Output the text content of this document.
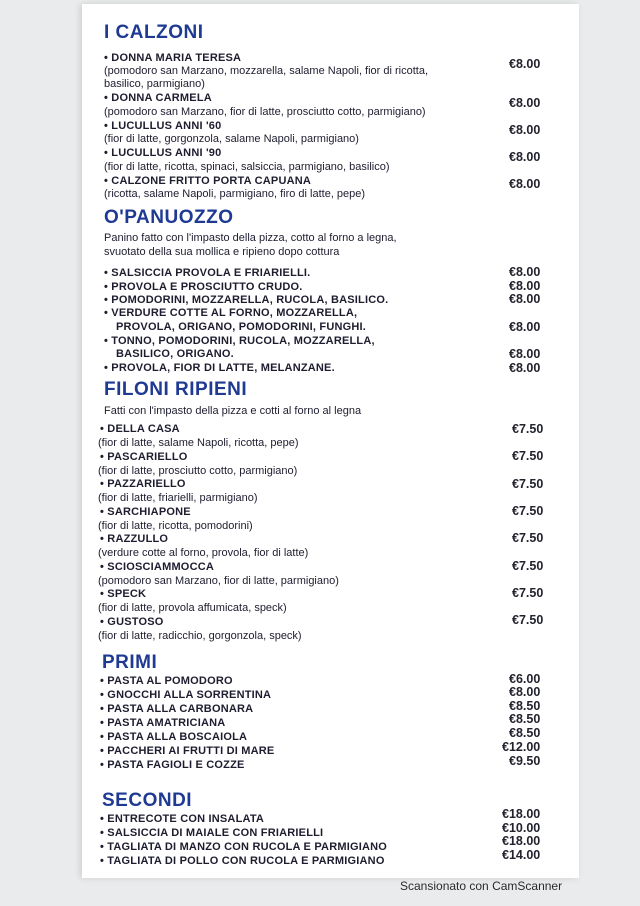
I CALZONI
• DONNA MARIA TERESA	€8.00
(pomodoro san Marzano, mozzarella, salame Napoli, fior di ricotta,
basilico, parmigiano)
• DONNA CARMELA	€8.00
(pomodoro san Marzano, fior di latte, prosciutto cotto, parmigiano)
• LUCULLUS ANNI '60	€8.00
(fior di latte, gorgonzola, salame Napoli, parmigiano)
• LUCULLUS ANNI '90	€8.00
(fior di latte, ricotta, spinaci, salsiccia, parmigiano, basilico)
• CALZONE FRITTO PORTA CAPUANA	€8.00
(ricotta, salame Napoli, parmigiano, firo di latte, pepe)
O'PANUOZZO
Panino fatto con l'impasto della pizza, cotto al forno a legna,
svuotato della sua mollica e ripieno dopo cottura
• SALSICCIA PROVOLA E FRIARIELLI.	€8.00
• PROVOLA E PROSCIUTTO CRUDO.	€8.00
• POMODORINI, MOZZARELLA, RUCOLA, BASILICO.	€8.00
• VERDURE COTTE AL FORNO, MOZZARELLA,
PROVOLA, ORIGANO, POMODORINI, FUNGHI.	€8.00
• TONNO, POMODORINI, RUCOLA, MOZZARELLA,
BASILICO, ORIGANO.	€8.00
• PROVOLA, FIOR DI LATTE, MELANZANE.	€8.00
FILONI RIPIENI
Fatti con l'impasto della pizza e cotti al forno al legna
• DELLA CASA	€7.50
(fior di latte, salame Napoli, ricotta, pepe)
• PASCARIELLO	€7.50
(fior di latte, prosciutto cotto, parmigiano)
• PAZZARIELLO	€7.50
(fior di latte, friarielli, parmigiano)
• SARCHIAPONE	€7.50
(fior di latte, ricotta, pomodorini)
• RAZZULLO	€7.50
(verdure cotte al forno, provola, fior di latte)
• SCIOSCIAMMOCCA	€7.50
(pomodoro san Marzano, fior di latte, parmigiano)
• SPECK	€7.50
(fior di latte, provola affumicata, speck)
• GUSTOSO	€7.50
(fior di latte, radicchio, gorgonzola, speck)
PRIMI
• PASTA AL POMODORO	€6.00
• GNOCCHI ALLA SORRENTINA	€8.00
• PASTA ALLA CARBONARA	€8.50
• PASTA AMATRICIANA	€8.50
• PASTA ALLA BOSCAIOLA	€8.50
• PACCHERI AI FRUTTI DI MARE	€12.00
• PASTA FAGIOLI E COZZE	€9.50
SECONDI
• ENTRECOTE CON INSALATA	€18.00
• SALSICCIA DI MAIALE CON FRIARIELLI	€10.00
• TAGLIATA DI MANZO CON RUCOLA E PARMIGIANO	€18.00
• TAGLIATA DI POLLO CON RUCOLA E PARMIGIANO	€14.00
Scansionato con CamScanner
